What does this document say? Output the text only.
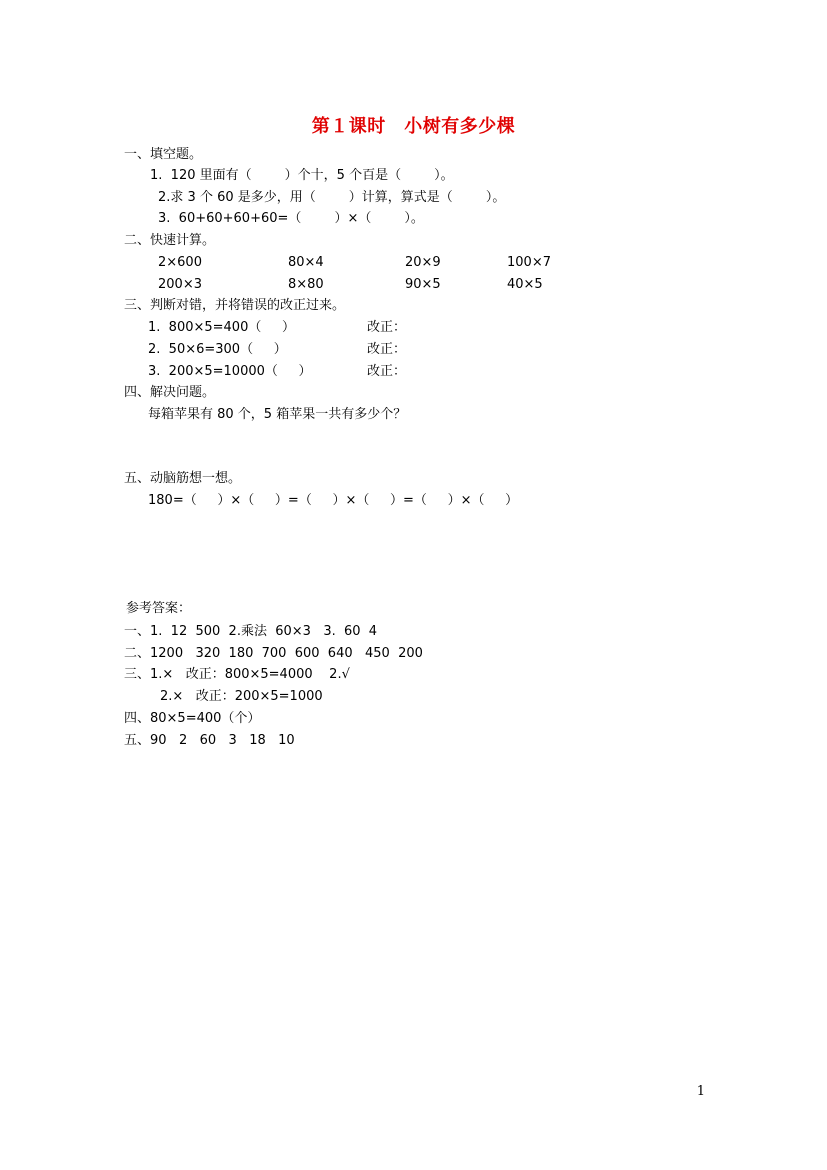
第１课时　小树有多少棵
一、填空题。
1.  120 里面有（        ）个十，5 个百是（        ）。
2.求 3 个 60 是多少，用（        ）计算，算式是（        ）。
3.  60+60+60+60=（        ）×（        ）。
二、快速计算。
2×600	80×4	20×9	100×7
200×3	8×80	90×5	40×5
三、判断对错，并将错误的改正过来。
1.  800×5=400（     ）	改正：
2.  50×6=300（     ）	改正：
3.  200×5=10000（     ）	改正：
四、解决问题。
每箱苹果有 80 个，5 箱苹果一共有多少个？
五、动脑筋想一想。
180=（     ）×（     ）=（     ）×（     ）=（     ）×（     ）
参考答案：
一、1.  12  500  2.乘法  60×3   3.  60  4
二、1200   320  180  700  600  640   450  200
三、1.×   改正：800×5=4000    2.√
2.×   改正：200×5=1000
四、80×5=400（个）
五、90   2   60   3   18   10
1
